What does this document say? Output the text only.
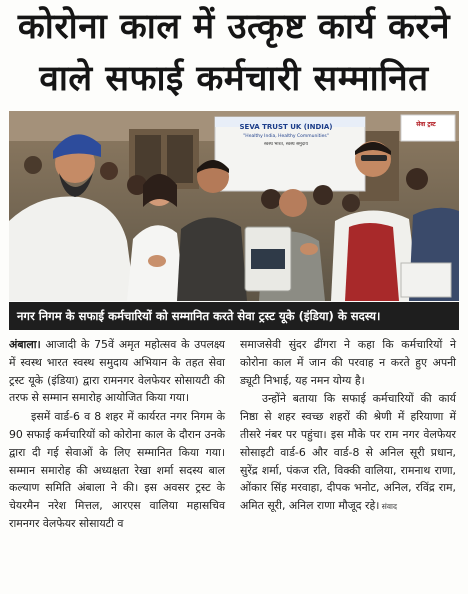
कोरोना काल में उत्कृष्ट कार्य करने
वाले सफाई कर्मचारी सम्मानित
SEVA TRUST UK (INDIA)
"Healthy India, Healthy Communities"
स्वस्थ भारत, स्वस्थ समुदाय
सेवा ट्रस्ट
नगर निगम के सफाई कर्मचारियों को सम्मानित करते सेवा ट्रस्ट यूके (इंडिया) के सदस्य।

अंबाला। आजादी के 75वें अमृत महोत्सव के उपलक्ष्य में स्वस्थ भारत स्वस्थ समुदाय अभियान के तहत सेवा ट्रस्ट यूके (इंडिया) द्वारा रामनगर वेलफेयर सोसायटी की तरफ से सम्मान समारोह आयोजित किया गया।

इसमें वार्ड-6 व 8 शहर में कार्यरत नगर निगम के 90 सफाई कर्मचारियों को कोरोना काल के दौरान उनके द्वारा दी गई सेवाओं के लिए सम्मानित किया गया। सम्मान समारोह की अध्यक्षता रेखा शर्मा सदस्य बाल कल्याण समिति अंबाला ने की। इस अवसर ट्रस्ट के चेयरमैन नरेश मित्तल, आरएस वालिया महासचिव रामनगर वेलफेयर सोसायटी व

समाजसेवी सुंदर ढींगरा ने कहा कि कर्मचारियों ने कोरोना काल में जान की परवाह न करते हुए अपनी ड्यूटी निभाई, यह नमन योग्य है।

उन्होंने बताया कि सफाई कर्मचारियों की कार्य निष्ठा से शहर स्वच्छ शहरों की श्रेणी में हरियाणा में तीसरे नंबर पर पहुंचा। इस मौके पर राम नगर वेलफेयर सोसाइटी वार्ड-6 और वार्ड-8 से अनिल सूरी प्रधान, सुरेंद्र शर्मा, पंकज रति, विक्की वालिया, रामनाथ राणा, ओंकार सिंह मरवाहा, दीपक भनोट, अनिल, रविंद्र राम, अमित सूरी, अनिल राणा मौजूद रहे। संवाद
